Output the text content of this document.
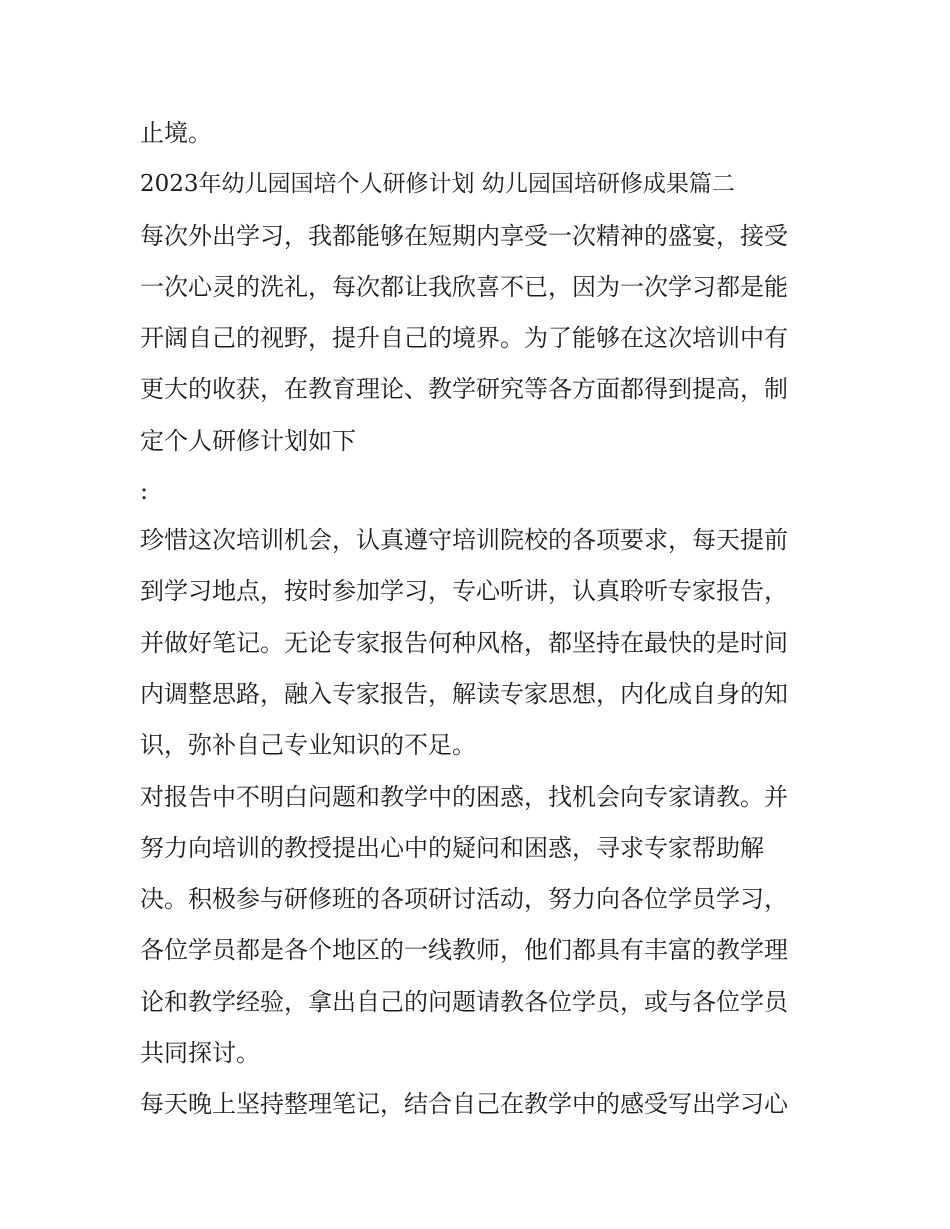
止境。
2023年幼儿园国培个人研修计划 幼儿园国培研修成果篇二
每次外出学习，我都能够在短期内享受一次精神的盛宴，接受
一次心灵的洗礼，每次都让我欣喜不已，因为一次学习都是能
开阔自己的视野，提升自己的境界。为了能够在这次培训中有
更大的收获，在教育理论、教学研究等各方面都得到提高，制
定个人研修计划如下
:
珍惜这次培训机会，认真遵守培训院校的各项要求，每天提前
到学习地点，按时参加学习，专心听讲，认真聆听专家报告，
并做好笔记。无论专家报告何种风格，都坚持在最快的是时间
内调整思路，融入专家报告，解读专家思想，内化成自身的知
识，弥补自己专业知识的不足。
对报告中不明白问题和教学中的困惑，找机会向专家请教。并
努力向培训的教授提出心中的疑问和困惑，寻求专家帮助解
决。积极参与研修班的各项研讨活动，努力向各位学员学习，
各位学员都是各个地区的一线教师，他们都具有丰富的教学理
论和教学经验，拿出自己的问题请教各位学员，或与各位学员
共同探讨。
每天晚上坚持整理笔记，结合自己在教学中的感受写出学习心
